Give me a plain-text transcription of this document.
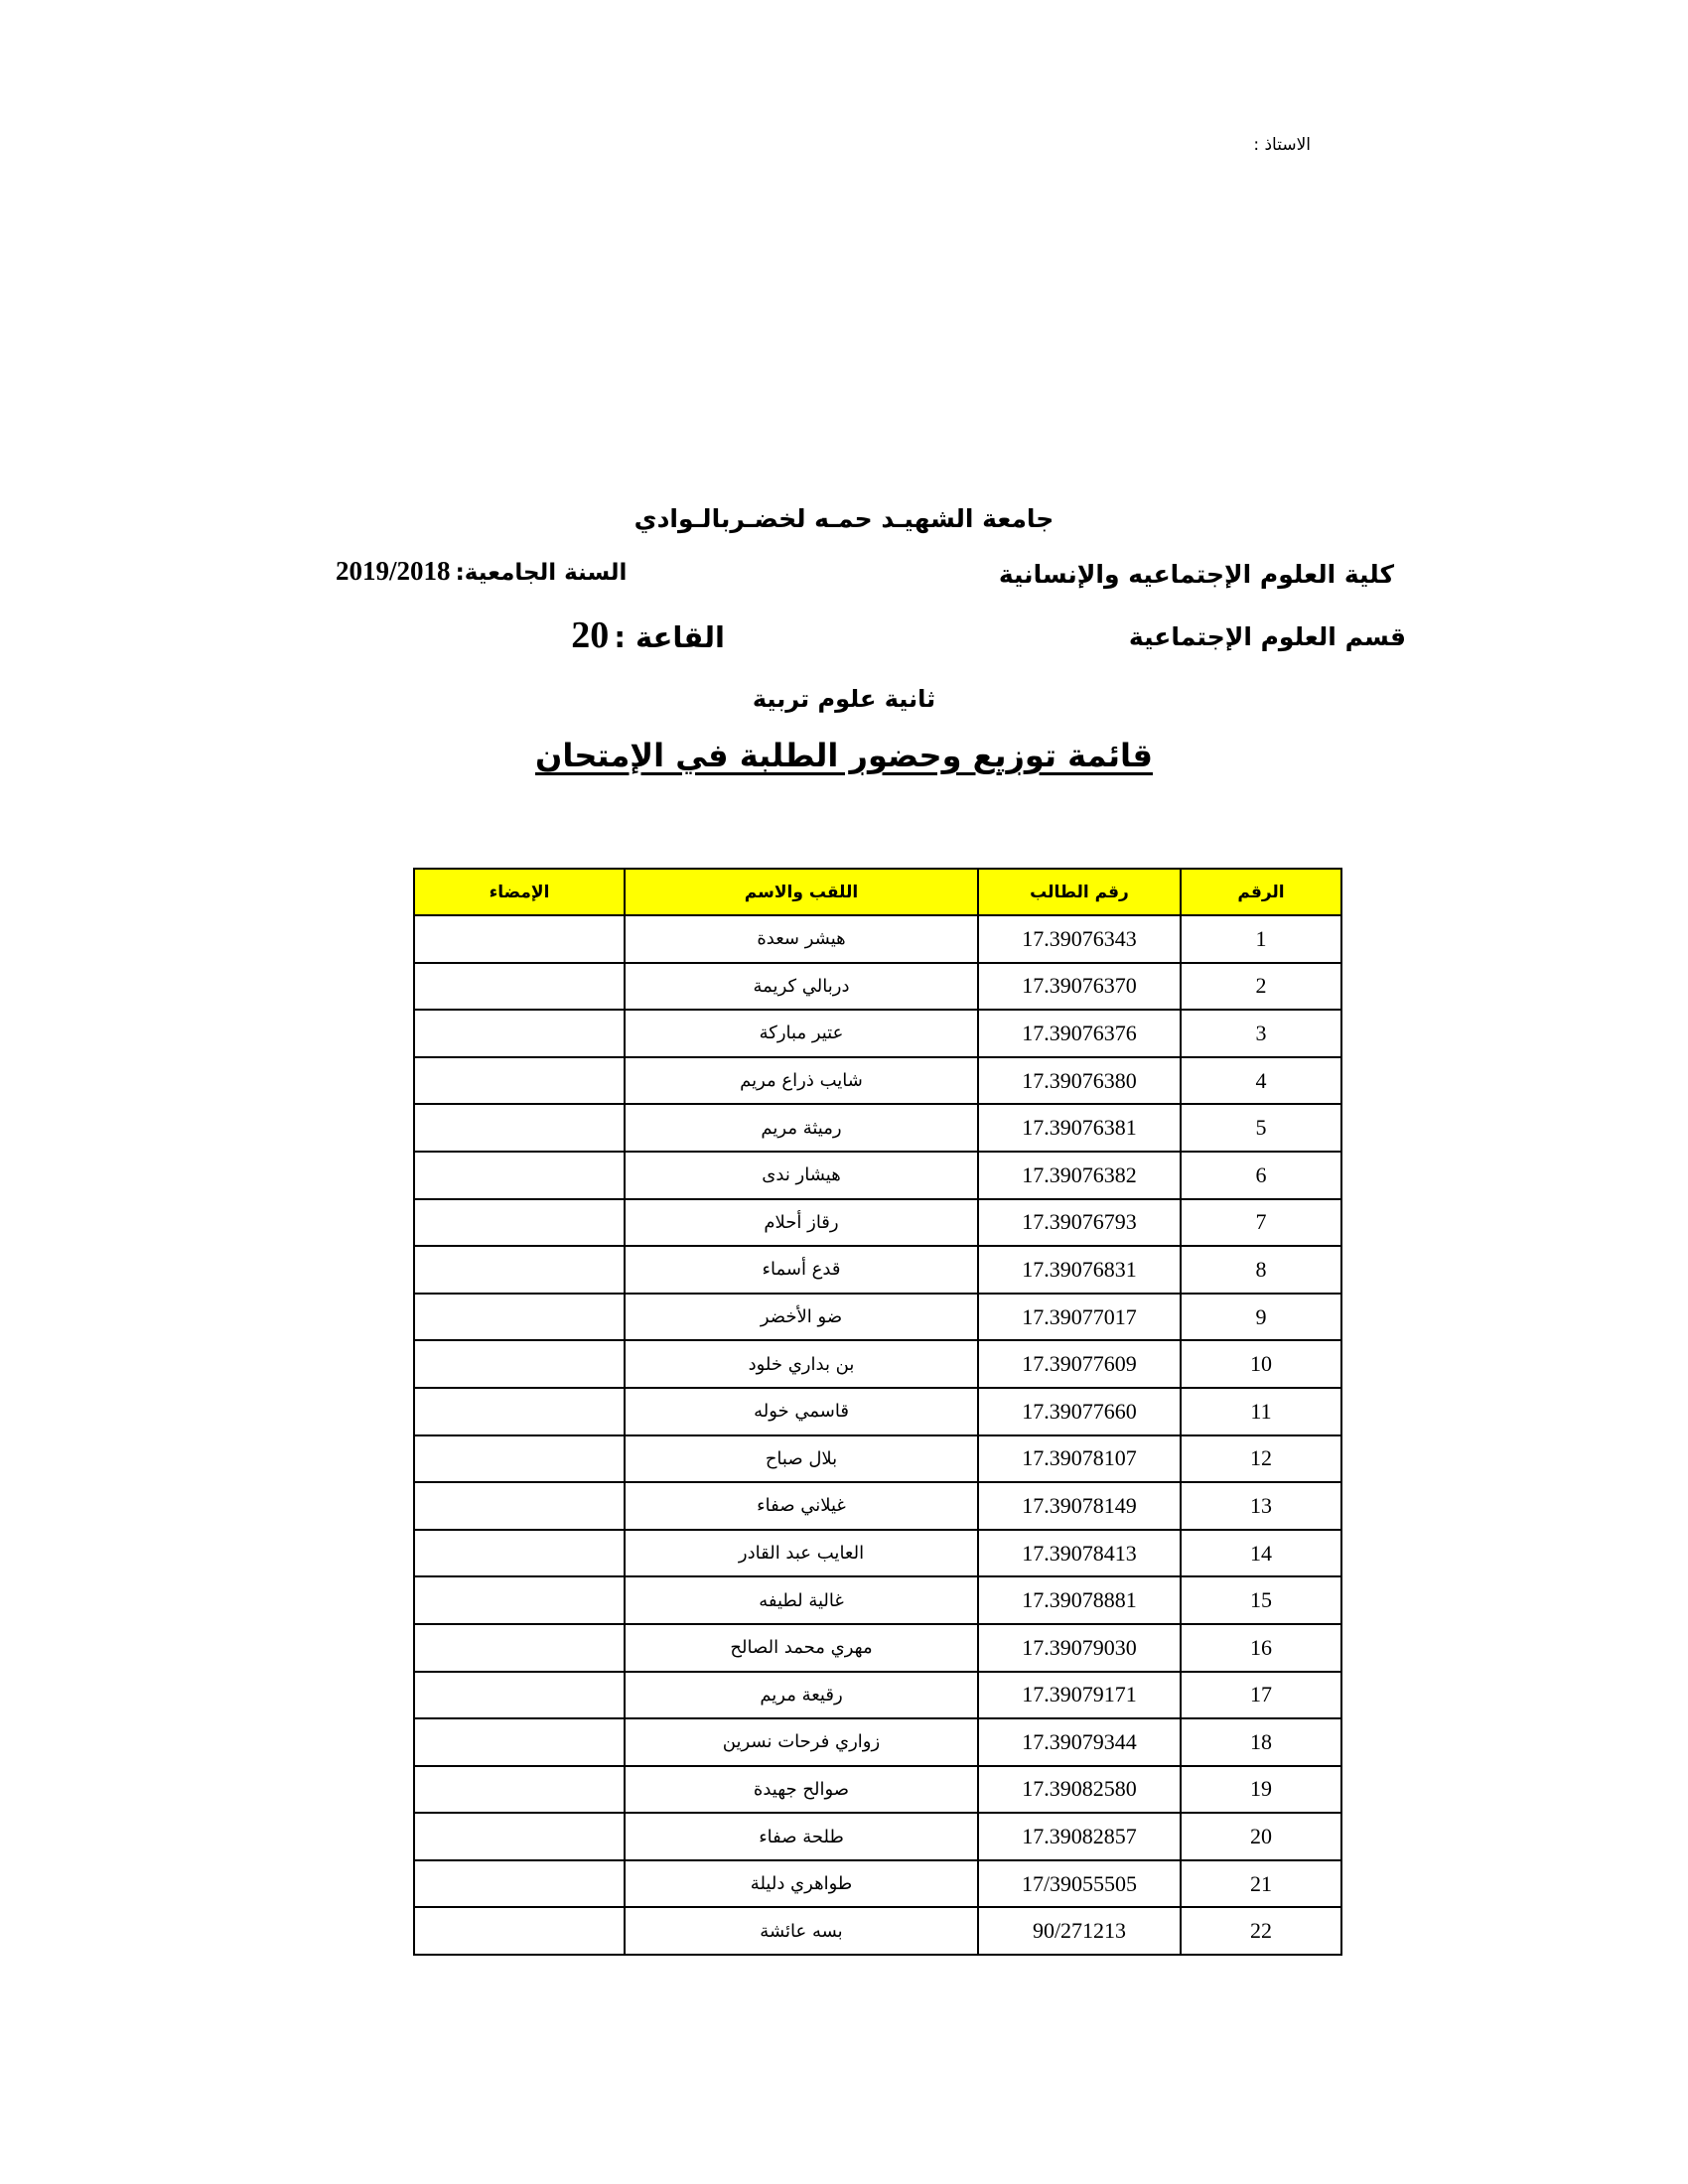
الاستاذ :
جامعة الشهيـد حمـه لخضـربالـوادي
كلية العلوم الإجتماعيه والإنسانية
السنة الجامعية: 2019/2018
قسم العلوم الإجتماعية
القاعة : 20
ثانية علوم تربية
قائمة توزيع وحضور الطلبة في الإمتحان
الرقم	رقم الطالب	اللقب والاسم	الإمضاء
1	17.39076343	هيشر سعدة	
2	17.39076370	دربالي كريمة	
3	17.39076376	عتير مباركة	
4	17.39076380	شايب ذراع مريم	
5	17.39076381	رميثة مريم	
6	17.39076382	هيشار ندى	
7	17.39076793	رقاز أحلام	
8	17.39076831	قدع أسماء	
9	17.39077017	ضو الأخضر	
10	17.39077609	بن بداري خلود	
11	17.39077660	قاسمي خوله	
12	17.39078107	بلال صباح	
13	17.39078149	غيلاني صفاء	
14	17.39078413	العايب عبد القادر	
15	17.39078881	غالية لطيفه	
16	17.39079030	مهري محمد الصالح	
17	17.39079171	رقيعة مريم	
18	17.39079344	زواري فرحات نسرين	
19	17.39082580	صوالح جهيدة	
20	17.39082857	طلحة صفاء	
21	17/39055505	طواهري دليلة	
22	90/271213	بسه عائشة	
